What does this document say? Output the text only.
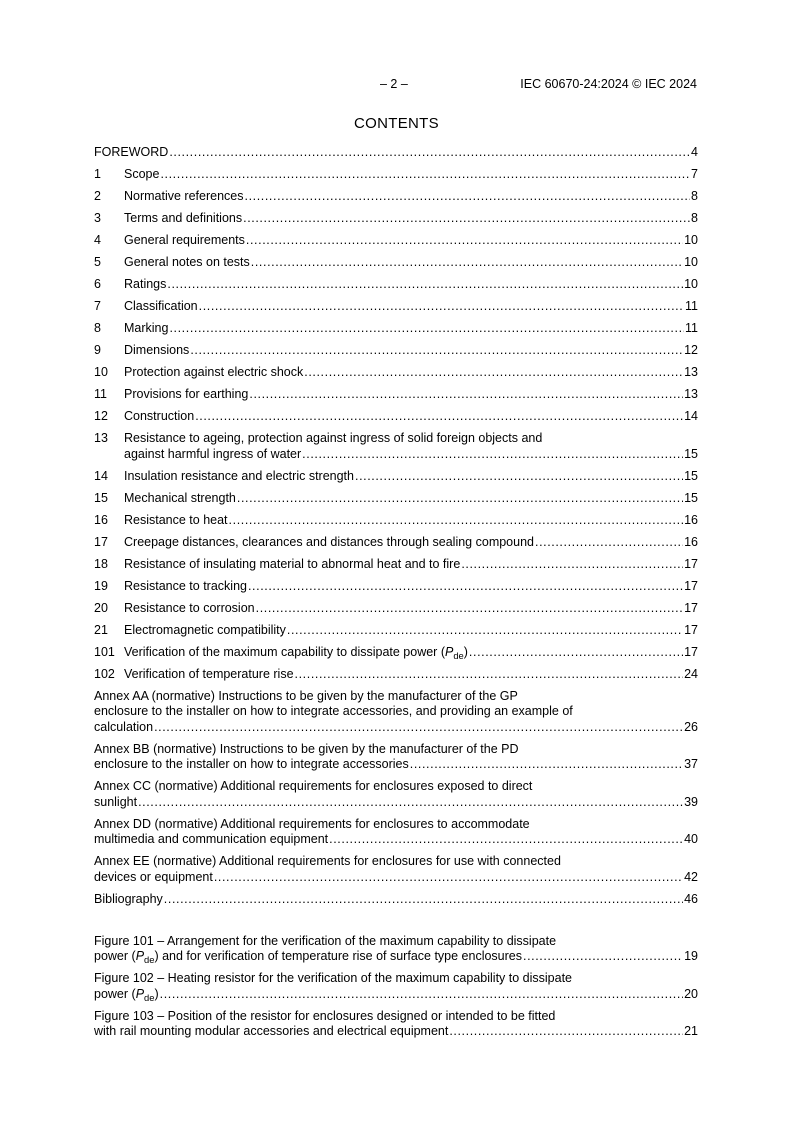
– 2 –	IEC 60670-24:2024 © IEC 2024
CONTENTS
FOREWORD .....	4
1	Scope .....	7
2	Normative references .....	8
3	Terms and definitions .....	8
4	General requirements .....	10
5	General notes on tests .....	10
6	Ratings .....	10
7	Classification .....	11
8	Marking .....	11
9	Dimensions .....	12
10	Protection against electric shock .....	13
11	Provisions for earthing .....	13
12	Construction .....	14
13	Resistance to ageing, protection against ingress of solid foreign objects and
against harmful ingress of water .....	15
14	Insulation resistance and electric strength .....	15
15	Mechanical strength .....	15
16	Resistance to heat .....	16
17	Creepage distances, clearances and distances through sealing compound .....	16
18	Resistance of insulating material to abnormal heat and to fire .....	17
19	Resistance to tracking .....	17
20	Resistance to corrosion .....	17
21	Electromagnetic compatibility .....	17
101 Verification of the maximum capability to dissipate power $(P_{de})$ .....	17
102 Verification of temperature rise .....	24
Annex AA (normative) Instructions to be given by the manufacturer of the GP
enclosure to the installer on how to integrate accessories, and providing an example of
calculation .....	26
Annex BB (normative) Instructions to be given by the manufacturer of the PD
enclosure to the installer on how to integrate accessories .....	37
Annex CC (normative) Additional requirements for enclosures exposed to direct
sunlight .....	39
Annex DD (normative) Additional requirements for enclosures to accommodate
multimedia and communication equipment .....	40
Annex EE (normative) Additional requirements for enclosures for use with connected
devices or equipment .....	42
Bibliography .....	46
Figure 101 – Arrangement for the verification of the maximum capability to dissipate
power $(P_{de})$ and for verification of temperature rise of surface type enclosures .....	19
Figure 102 – Heating resistor for the verification of the maximum capability to dissipate
power $(P_{de})$ .....	20
Figure 103 – Position of the resistor for enclosures designed or intended to be fitted
with rail mounting modular accessories and electrical equipment .....	21
